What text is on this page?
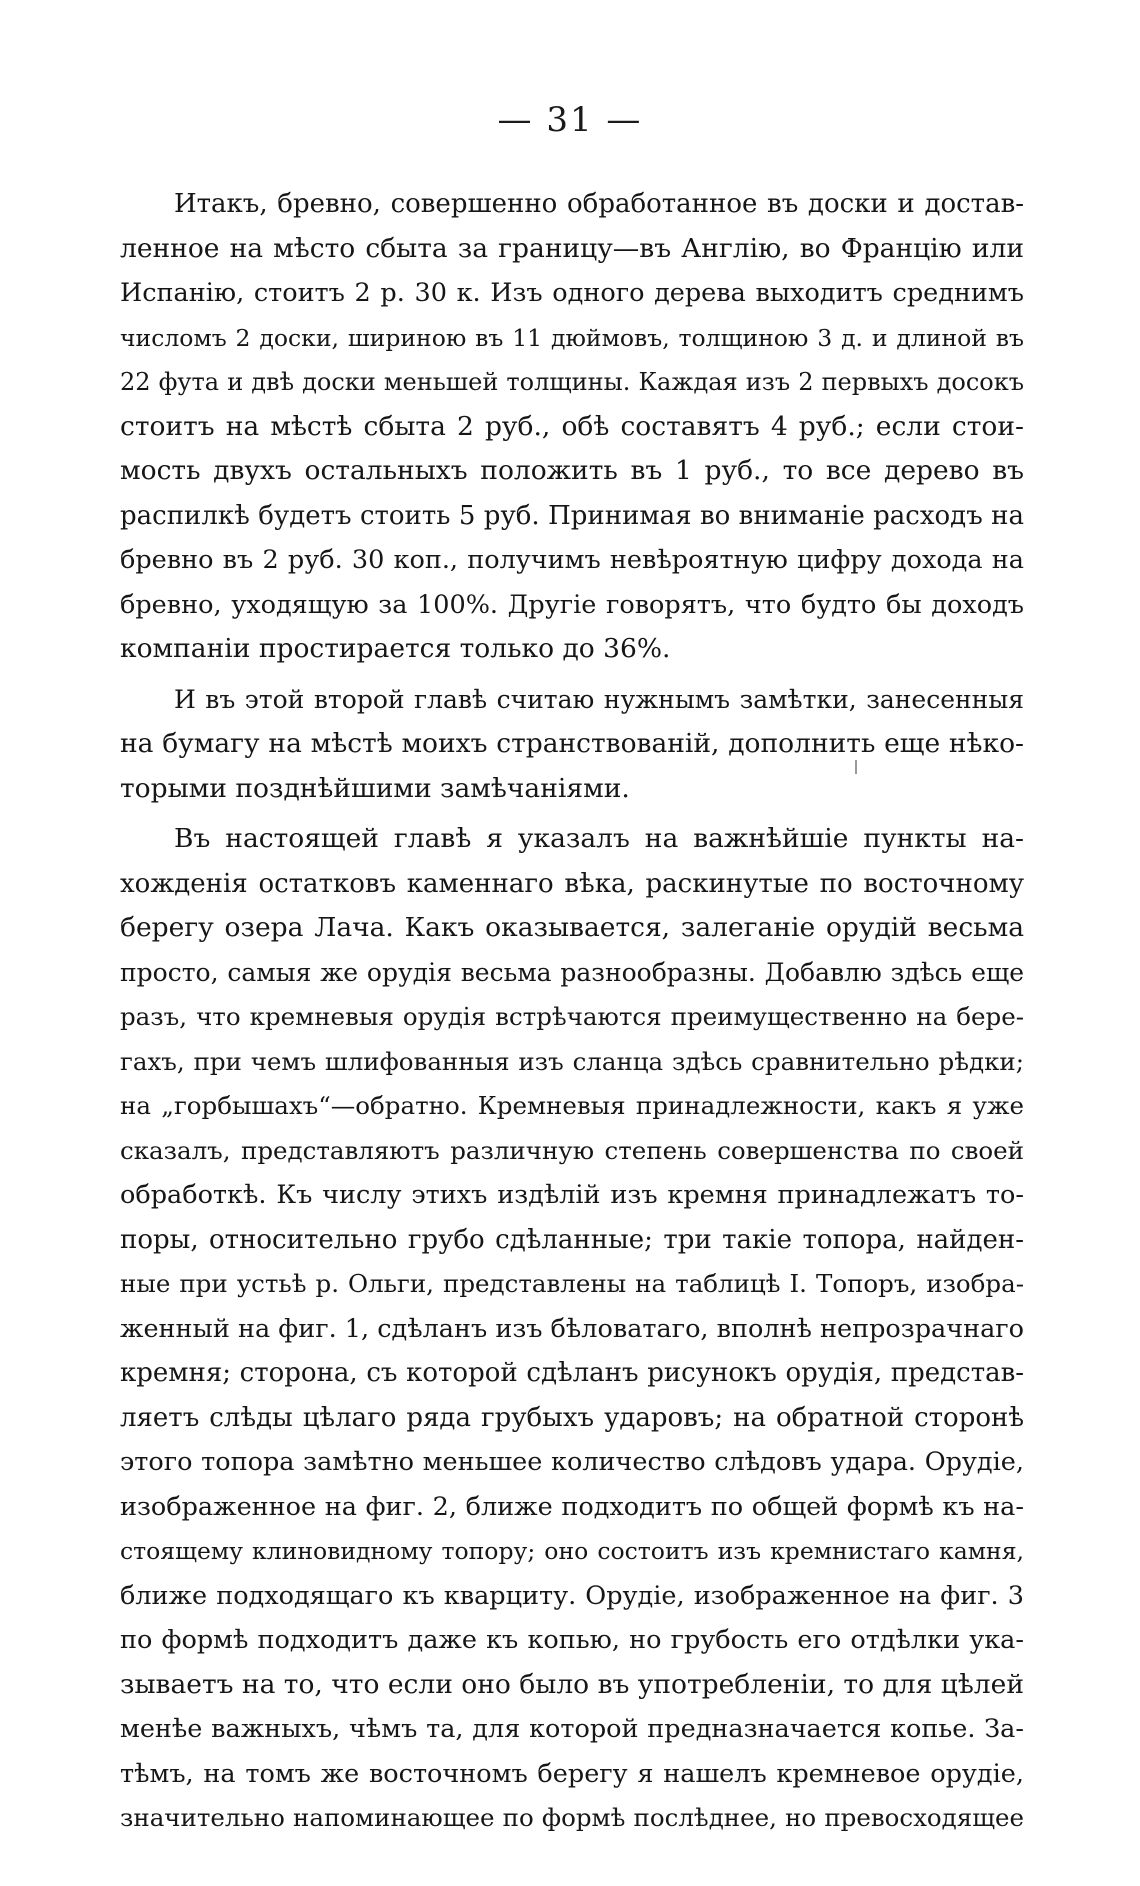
— 31 —
Итакъ, бревно, совершенно обработанное въ доски и достав-
ленное на мѣсто сбыта за границу—въ Англію, во Францію или
Испанію, стоитъ 2 р. 30 к. Изъ одного дерева выходитъ среднимъ
числомъ 2 доски, шириною въ 11 дюймовъ, толщиною 3 д. и длиной въ
22 фута и двѣ доски меньшей толщины. Каждая изъ 2 первыхъ досокъ
стоитъ на мѣстѣ сбыта 2 руб., обѣ составятъ 4 руб.; если стои-
мость двухъ остальныхъ положить въ 1 руб., то все дерево въ
распилкѣ будетъ стоить 5 руб. Принимая во вниманіе расходъ на
бревно въ 2 руб. 30 коп., получимъ невѣроятную цифру дохода на
бревно, уходящую за 100%. Другіе говорятъ, что будто бы доходъ
компаніи простирается только до 36%.
И въ этой второй главѣ считаю нужнымъ замѣтки, занесенныя
на бумагу на мѣстѣ моихъ странствованій, дополнить еще нѣко-
торыми позднѣйшими замѣчаніями.
Въ настоящей главѣ я указалъ на важнѣйшіе пункты на-
хожденія остатковъ каменнаго вѣка, раскинутые по восточному
берегу озера Лача. Какъ оказывается, залеганіе орудій весьма
просто, самыя же орудія весьма разнообразны. Добавлю здѣсь еще
разъ, что кремневыя орудія встрѣчаются преимущественно на бере-
гахъ, при чемъ шлифованныя изъ сланца здѣсь сравнительно рѣдки;
на „горбышахъ“—обратно. Кремневыя принадлежности, какъ я уже
сказалъ, представляютъ различную степень совершенства по своей
обработкѣ. Къ числу этихъ издѣлій изъ кремня принадлежатъ то-
поры, относительно грубо сдѣланные; три такіе топора, найден-
ные при устьѣ р. Ольги, представлены на таблицѣ I. Топоръ, изобра-
женный на фиг. 1, сдѣланъ изъ бѣловатаго, вполнѣ непрозрачнаго
кремня; сторона, съ которой сдѣланъ рисунокъ орудія, представ-
ляетъ слѣды цѣлаго ряда грубыхъ ударовъ; на обратной сторонѣ
этого топора замѣтно меньшее количество слѣдовъ удара. Орудіе,
изображенное на фиг. 2, ближе подходитъ по общей формѣ къ на-
стоящему клиновидному топору; оно состоитъ изъ кремнистаго камня,
ближе подходящаго къ кварциту. Орудіе, изображенное на фиг. 3
по формѣ подходитъ даже къ копью, но грубость его отдѣлки ука-
зываетъ на то, что если оно было въ употребленіи, то для цѣлей
менѣе важныхъ, чѣмъ та, для которой предназначается копье. За-
тѣмъ, на томъ же восточномъ берегу я нашелъ кремневое орудіе,
значительно напоминающее по формѣ послѣднее, но превосходящее
